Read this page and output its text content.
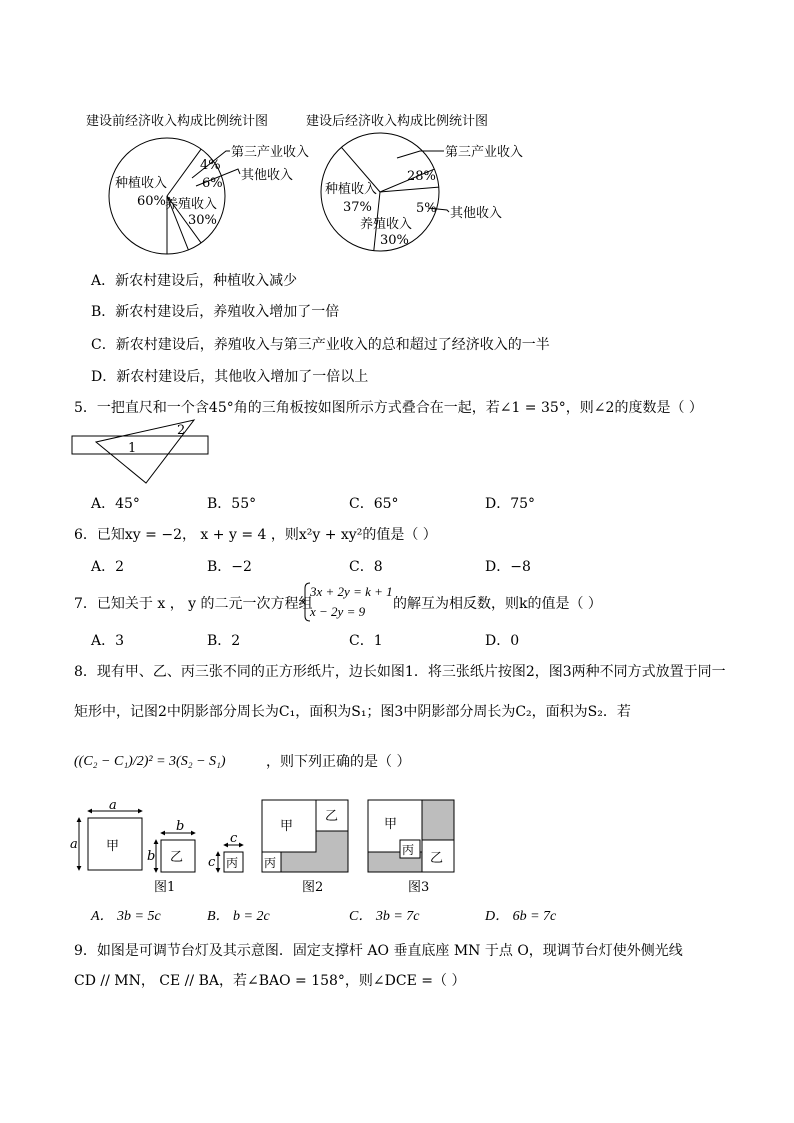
建设前经济收入构成比例统计图	建设后经济收入构成比例统计图
60%
种植收入
30%
养殖收入
4%
其他收入
6%
第三产业收入
37%
种植收入
30%
养殖收入
5% 其他收入
28%
第三产业收入
A．新农村建设后，种植收入减少
B．新农村建设后，养殖收入增加了一倍
C．新农村建设后，养殖收入与第三产业收入的总和超过了经济收入的一半
D．新农村建设后，其他收入增加了一倍以上
5．一把直尺和一个含45°角的三角板按如图所示方式叠合在一起，若∠1 = 35°，则∠2的度数是（ ）
1
2
A．45°	B．55°	C．65°	D．75°
6．已知xy = −2， x + y = 4 ，则x²y + xy²的值是（ ）
A．2	B．−2	C．8	D．−8
7．已知关于 x ， y 的二元一次方程组
3x + 2y = k + 1
x − 2y = 9 的解互为相反数，则k的值是（ ）
A．3	B．2	C．1	D．0
8．现有甲、乙、丙三张不同的正方形纸片，边长如图1．将三张纸片按图2，图3两种不同方式放置于同一
矩形中，记图2中阴影部分周长为C₁，面积为S₁；图3中阴影部分周长为C₂，面积为S₂．若
((C₂ − C₁)/2)² = 3(S₂ − S₁)	，则下列正确的是（ ）
a
a 甲
b
b 乙
c
c 丙
图1
甲
乙
丙
图2
甲
乙
丙
图3
A． 3b = 5c	B． b = 2c	C． 3b = 7c	D． 6b = 7c
9．如图是可调节台灯及其示意图．固定支撑杆 AO 垂直底座 MN 于点 O，现调节台灯使外侧光线
CD // MN， CE // BA，若∠BAO = 158°，则∠DCE =（ ）
